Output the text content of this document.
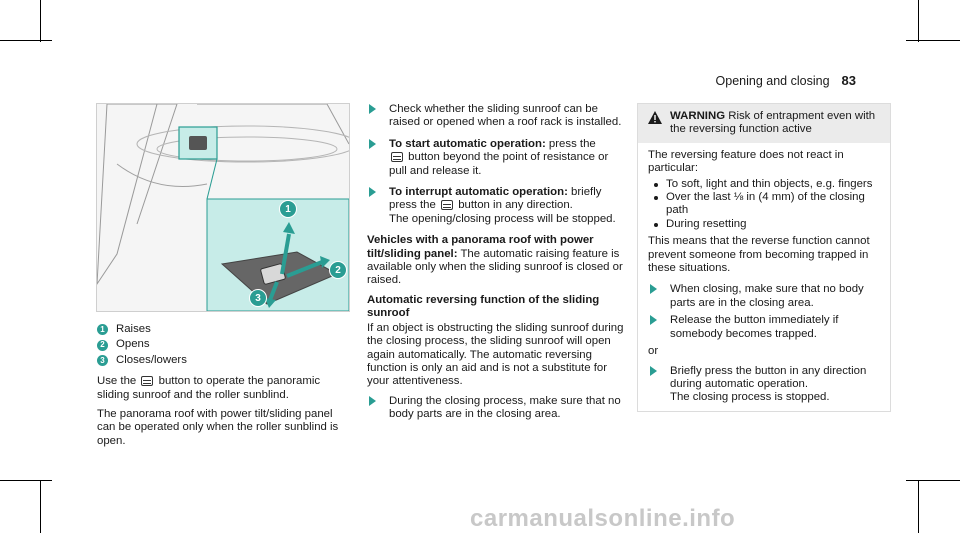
Opening and closing 83
1
2
3
1 Raises
2 Opens
3 Closes/lowers

Use the button to operate the panoramic sliding sunroof and the roller sunblind.

The panorama roof with power tilt/sliding panel can be operated only when the roller sunblind is open.

Check whether the sliding sunroof can be raised or opened when a roof rack is installed.
To start automatic operation: press the
button beyond the point of resistance or pull and release it.
To interrupt automatic operation: briefly press the button in any direction.
The opening/closing process will be stopped.

Vehicles with a panorama roof with power tilt/sliding panel: The automatic raising feature is available only when the sliding sunroof is closed or raised.

Automatic reversing function of the sliding sunroof

If an object is obstructing the sliding sunroof during the closing process, the sliding sunroof will open again automatically. The automatic reversing function is only an aid and is not a substitute for your attentiveness.

During the closing process, make sure that no body parts are in the closing area.
WARNING Risk of entrapment even with the reversing function active

The reversing feature does not react in particular:

To soft, light and thin objects, e.g. fingers
Over the last ⅛ in (4 mm) of the closing path
During resetting

This means that the reverse function cannot prevent someone from becoming trapped in these situations.

When closing, make sure that no body parts are in the closing area.
Release the button immediately if somebody becomes trapped.

or

Briefly press the button in any direction during automatic operation.
The closing process is stopped.
carmanualsonline.info
